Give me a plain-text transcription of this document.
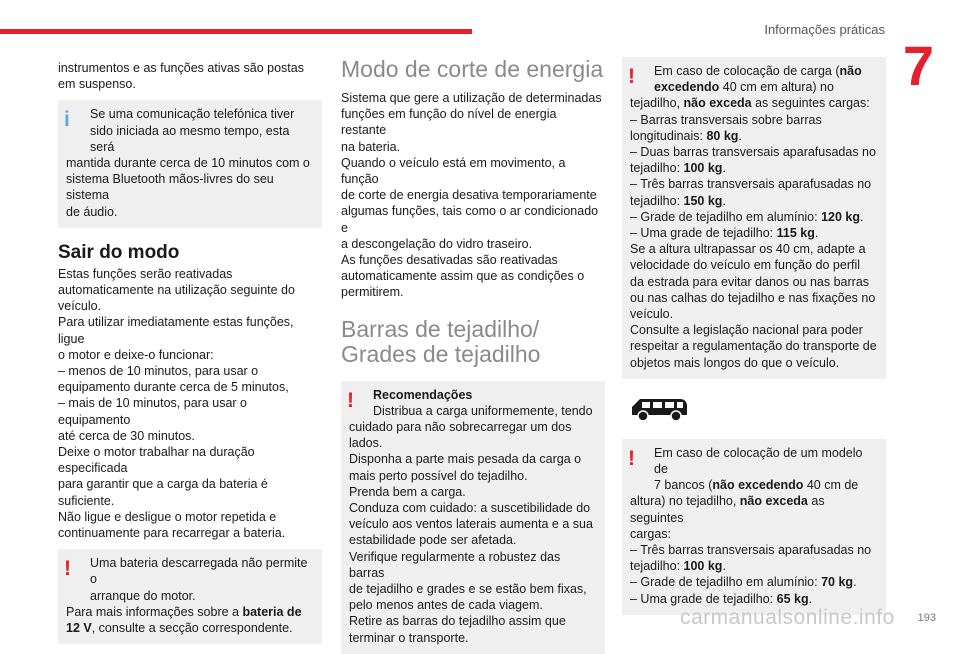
Informações práticas
7

instrumentos e as funções ativas são postas em suspenso.

i	Se uma comunicação telefónica tiver

sido iniciada ao mesmo tempo, esta será

mantida durante cerca de 10 minutos com o

sistema Bluetooth mãos-livres do seu sistema

de áudio.

Sair do modo

Estas funções serão reativadas

automaticamente na utilização seguinte do

veículo.

Para utilizar imediatamente estas funções, ligue

o motor e deixe-o funcionar:

– menos de 10 minutos, para usar o

equipamento durante cerca de 5 minutos,

– mais de 10 minutos, para usar o equipamento

até cerca de 30 minutos.

Deixe o motor trabalhar na duração especificada

para garantir que a carga da bateria é suficiente.

Não ligue e desligue o motor repetida e

continuamente para recarregar a bateria.

!	Uma bateria descarregada não permite o

arranque do motor.

Para mais informações sobre a bateria de 12 V, consulte a secção correspondente.

Modo de corte de energia

Sistema que gere a utilização de determinadas

funções em função do nível de energia restante

na bateria.

Quando o veículo está em movimento, a função

de corte de energia desativa temporariamente

algumas funções, tais como o ar condicionado e

a descongelação do vidro traseiro.

As funções desativadas são reativadas

automaticamente assim que as condições o

permitirem.

Barras de tejadilho/

Grades de tejadilho

!	Recomendações

Distribua a carga uniformemente, tendo

cuidado para não sobrecarregar um dos

lados.

Disponha a parte mais pesada da carga o

mais perto possível do tejadilho.

Prenda bem a carga.

Conduza com cuidado: a suscetibilidade do

veículo aos ventos laterais aumenta e a sua

estabilidade pode ser afetada.

Verifique regularmente a robustez das barras

de tejadilho e grades e se estão bem fixas,

pelo menos antes de cada viagem.

Retire as barras do tejadilho assim que

terminar o transporte.

!	Em caso de colocação de carga (não

excedendo 40 cm em altura) no

tejadilho, não exceda as seguintes cargas:

– Barras transversais sobre barras

longitudinais: 80 kg.

– Duas barras transversais aparafusadas no

tejadilho: 100 kg.

– Três barras transversais aparafusadas no

tejadilho: 150 kg.

– Grade de tejadilho em alumínio: 120 kg.

– Uma grade de tejadilho: 115 kg.

Se a altura ultrapassar os 40 cm, adapte a

velocidade do veículo em função do perfil

da estrada para evitar danos ou nas barras

ou nas calhas do tejadilho e nas fixações no

veículo.

Consulte a legislação nacional para poder

respeitar a regulamentação do transporte de

objetos mais longos do que o veículo.

!	Em caso de colocação de um modelo de

7 bancos (não excedendo 40 cm de

altura) no tejadilho, não exceda as seguintes

cargas:

– Três barras transversais aparafusadas no

tejadilho: 100 kg.

– Grade de tejadilho em alumínio: 70 kg.

– Uma grade de tejadilho: 65 kg.

193
carmanualsonline.info
